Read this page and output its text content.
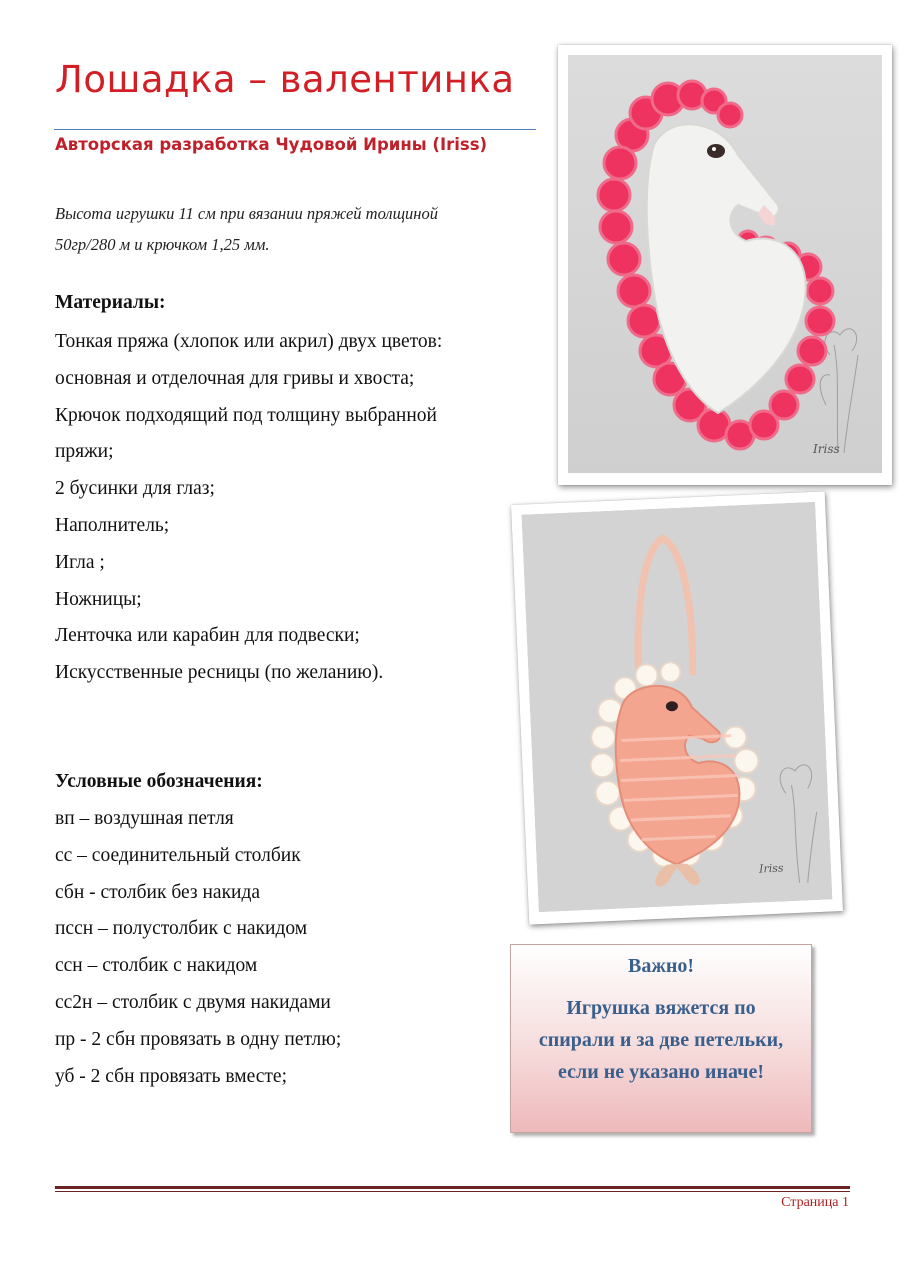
Лошадка – валентинка
Авторская разработка Чудовой Ирины (Iriss)
Высота игрушки 11 см при вязании пряжей толщиной
50гр/280 м и крючком 1,25 мм.
Материалы:
Тонкая пряжа (хлопок или акрил) двух цветов:
основная и отделочная для гривы и хвоста;
Крючок подходящий под толщину выбранной
пряжи;
2 бусинки для глаз;
Наполнитель;
Игла ;
Ножницы;
Ленточка или карабин для подвески;
Искусственные ресницы (по желанию).
Условные обозначения:
вп – воздушная петля
сс – соединительный столбик
сбн - столбик без накида
пссн – полустолбик с накидом
ссн – столбик с накидом
сс2н – столбик с двумя накидами
пр - 2 сбн провязать в одну петлю;
уб - 2 сбн провязать вместе;
Iriss
Iriss
Важно!
Игрушка вяжется по спирали и за две петельки, если не указано иначе!
Страница 1
